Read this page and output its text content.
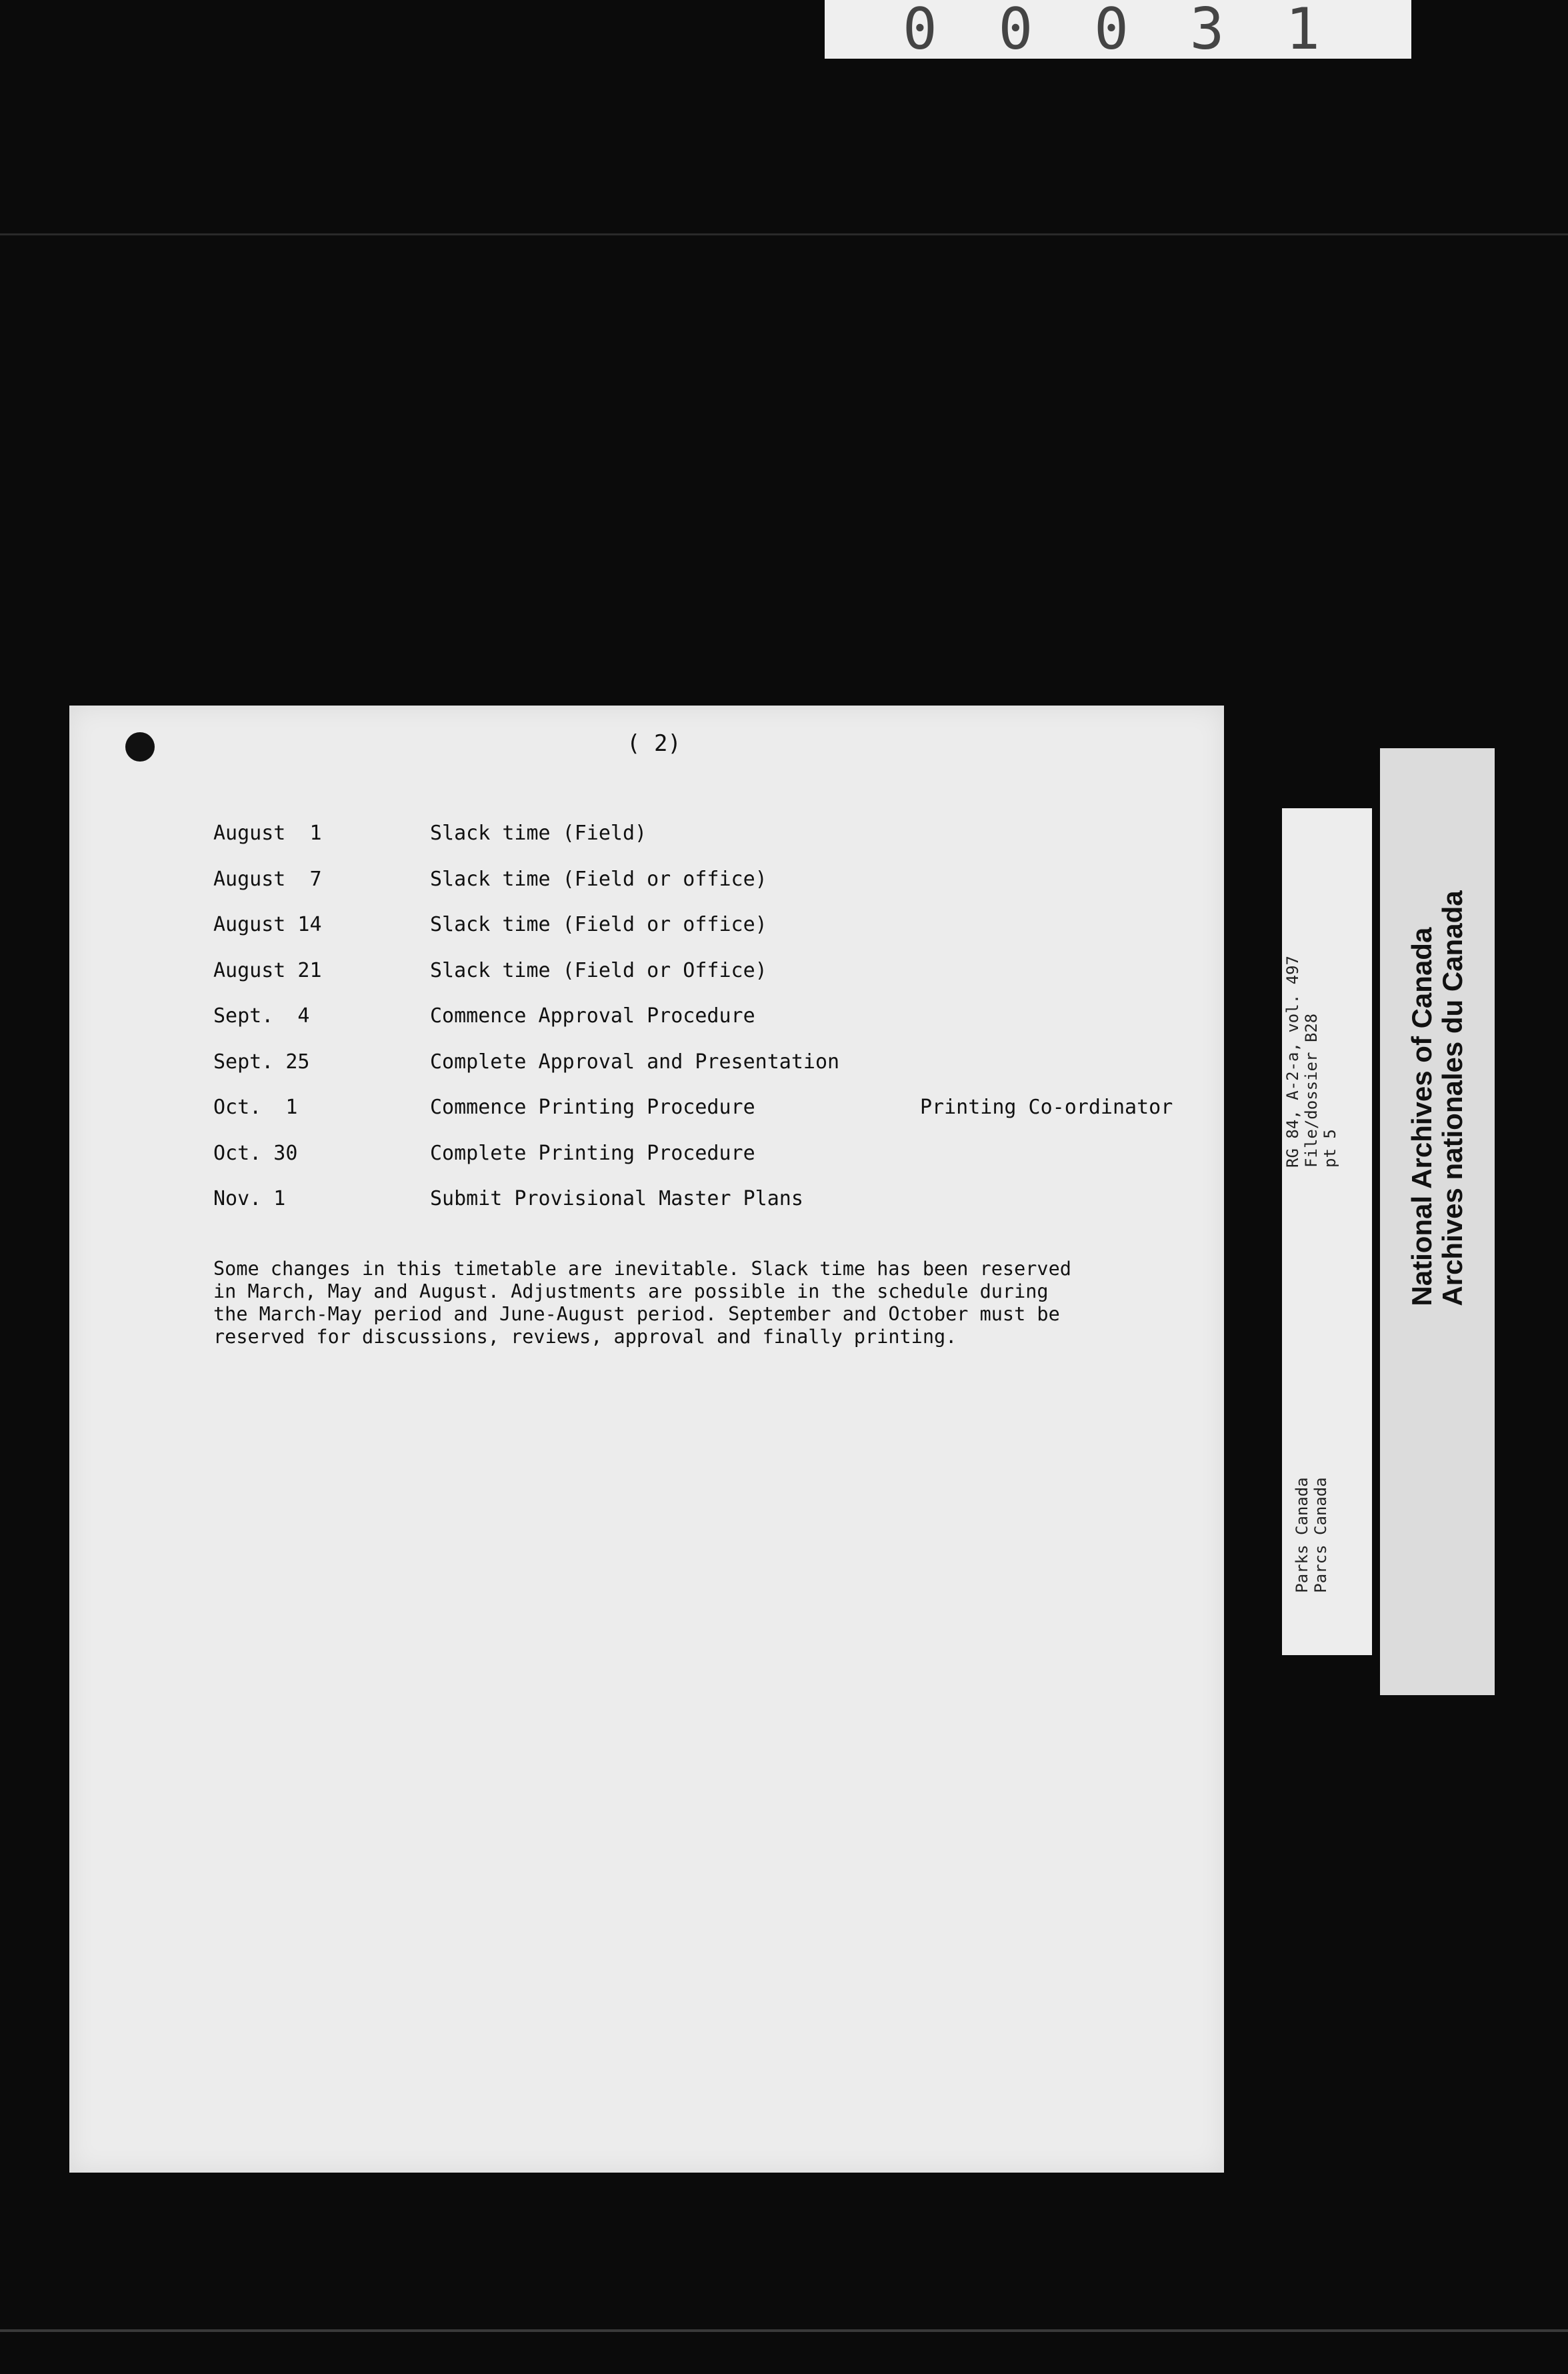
0 0 0 3 1
( 2)
August  1	Slack time (Field)
August  7	Slack time (Field or office)
August 14	Slack time (Field or office)
August 21	Slack time (Field or Office)
Sept.  4	Commence Approval Procedure
Sept. 25	Complete Approval and Presentation
Oct.  1	Commence Printing Procedure	Printing Co-ordinator
Oct. 30	Complete Printing Procedure
Nov. 1	Submit Provisional Master Plans

Some changes in this timetable are inevitable. Slack time has been reserved
in March, May and August. Adjustments are possible in the schedule during
the March-May period and June-August period. September and October must be
reserved for discussions, reviews, approval and finally printing.

RG 84, A-2-a, vol. 497 File/dossier B28 pt 5
Parks Canada Parcs Canada
National Archives of Canada Archives nationales du Canada
